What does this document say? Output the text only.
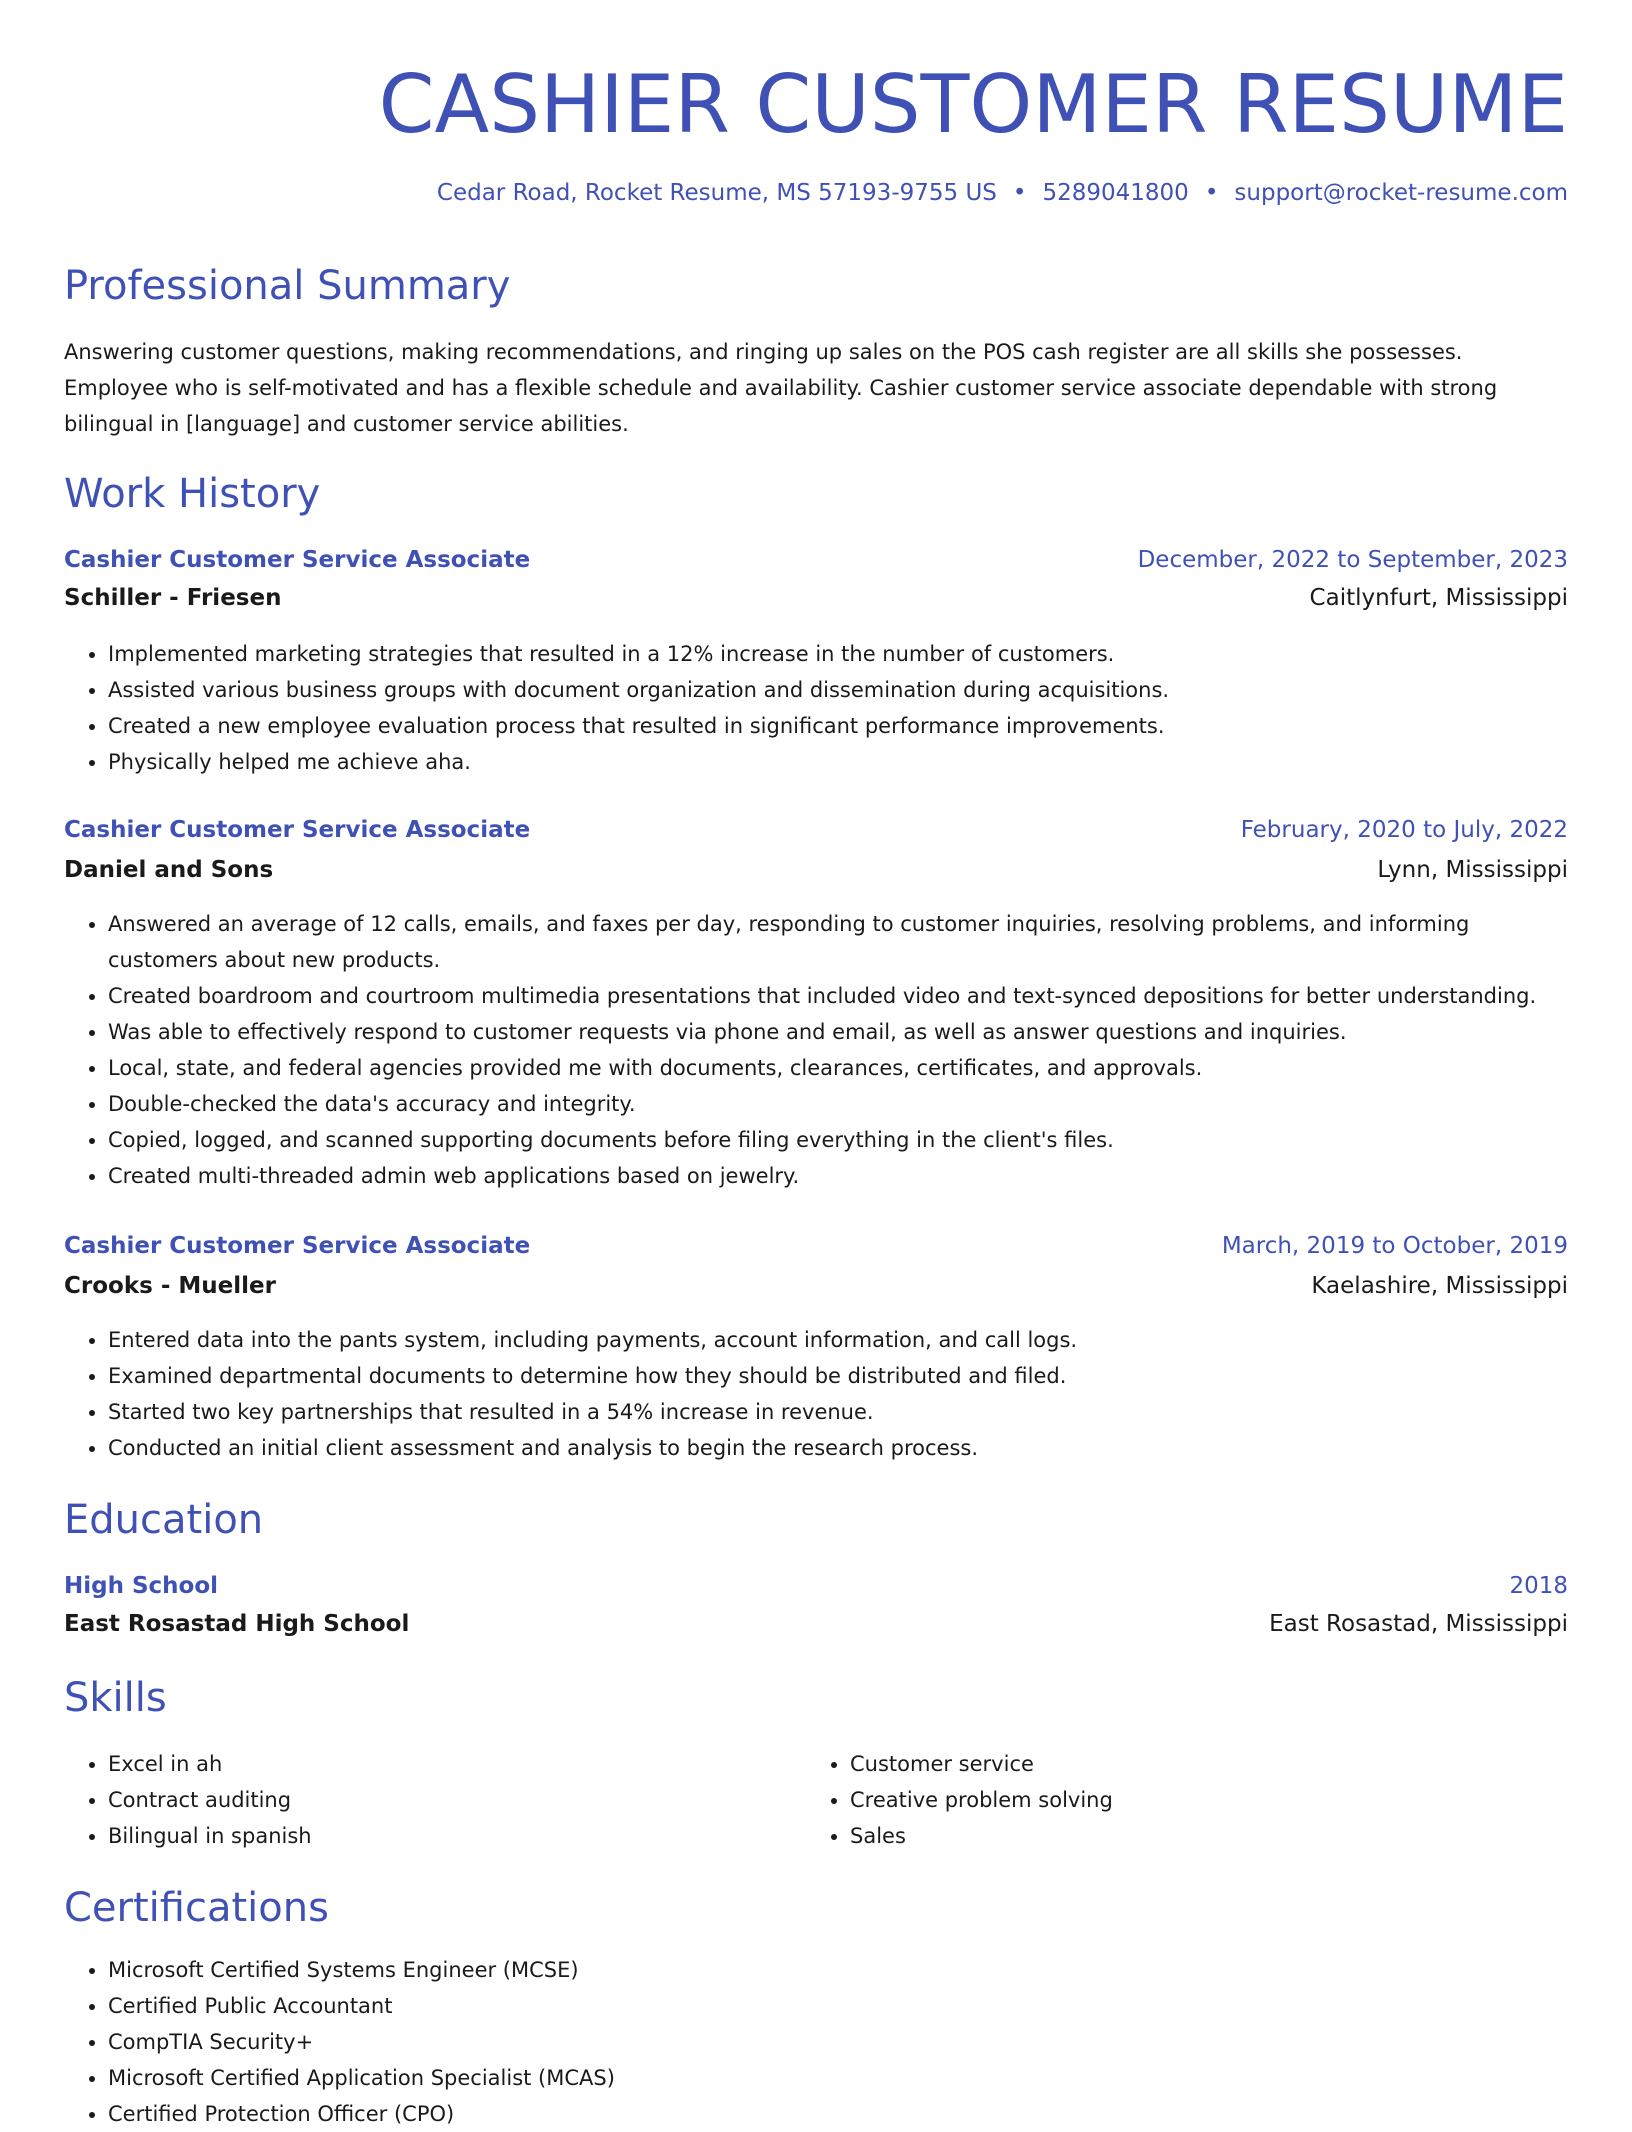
CASHIER CUSTOMER RESUME
Cedar Road, Rocket Resume, MS 57193-9755 US • 5289041800 • support@rocket-resume.com
Professional Summary
Answering customer questions, making recommendations, and ringing up sales on the POS cash register are all skills she possesses. Employee who is self-motivated and has a flexible schedule and availability. Cashier customer service associate dependable with strong bilingual in [language] and customer service abilities.
Work History
Cashier Customer Service Associate	December, 2022 to September, 2023
Schiller - Friesen	Caitlynfurt, Mississippi
• Implemented marketing strategies that resulted in a 12% increase in the number of customers.
• Assisted various business groups with document organization and dissemination during acquisitions.
• Created a new employee evaluation process that resulted in significant performance improvements.
• Physically helped me achieve aha.
Cashier Customer Service Associate	February, 2020 to July, 2022
Daniel and Sons	Lynn, Mississippi
• Answered an average of 12 calls, emails, and faxes per day, responding to customer inquiries, resolving problems, and informing customers about new products.
• Created boardroom and courtroom multimedia presentations that included video and text-synced depositions for better understanding.
• Was able to effectively respond to customer requests via phone and email, as well as answer questions and inquiries.
• Local, state, and federal agencies provided me with documents, clearances, certificates, and approvals.
• Double-checked the data's accuracy and integrity.
• Copied, logged, and scanned supporting documents before filing everything in the client's files.
• Created multi-threaded admin web applications based on jewelry.
Cashier Customer Service Associate	March, 2019 to October, 2019
Crooks - Mueller	Kaelashire, Mississippi
• Entered data into the pants system, including payments, account information, and call logs.
• Examined departmental documents to determine how they should be distributed and filed.
• Started two key partnerships that resulted in a 54% increase in revenue.
• Conducted an initial client assessment and analysis to begin the research process.
Education
High School	2018
East Rosastad High School	East Rosastad, Mississippi
Skills
• Excel in ah
• Contract auditing
• Bilingual in spanish
• Customer service
• Creative problem solving
• Sales
Certifications
• Microsoft Certified Systems Engineer (MCSE)
• Certified Public Accountant
• CompTIA Security+
• Microsoft Certified Application Specialist (MCAS)
• Certified Protection Officer (CPO)
